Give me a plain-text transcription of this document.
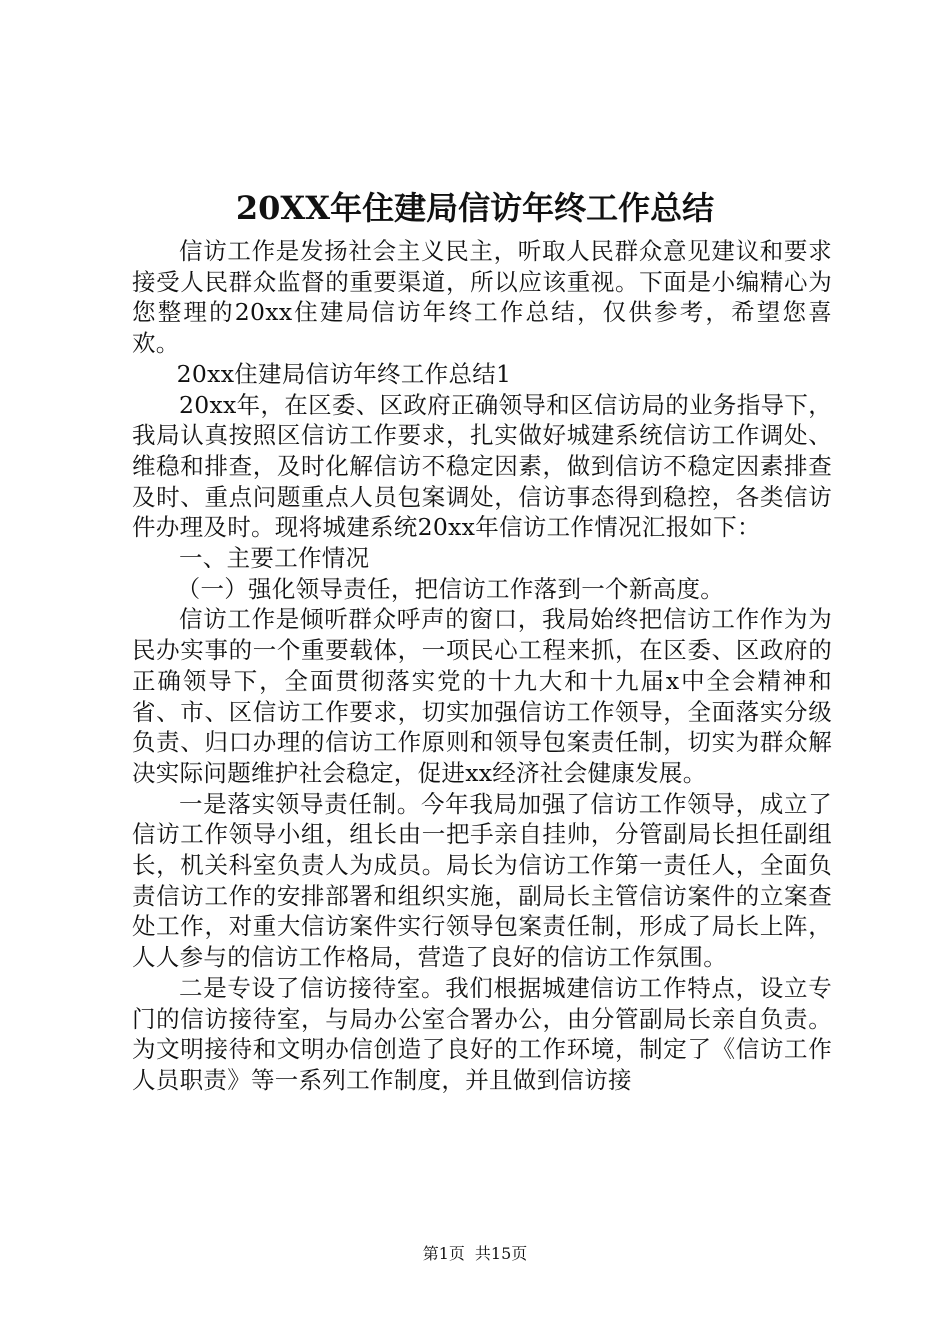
20XX年住建局信访年终工作总结

信访工作是发扬社会主义民主，听取人民群众意见建议和要求接受人民群众监督的重要渠道，所以应该重视。下面是小编精心为您整理的20xx住建局信访年终工作总结，仅供参考，希望您喜欢。

20xx住建局信访年终工作总结1

20xx年，在区委、区政府正确领导和区信访局的业务指导下，我局认真按照区信访工作要求，扎实做好城建系统信访工作调处、维稳和排查，及时化解信访不稳定因素，做到信访不稳定因素排查及时、重点问题重点人员包案调处，信访事态得到稳控，各类信访件办理及时。现将城建系统20xx年信访工作情况汇报如下：

一、主要工作情况

（一）强化领导责任，把信访工作落到一个新高度。

信访工作是倾听群众呼声的窗口，我局始终把信访工作作为为民办实事的一个重要载体，一项民心工程来抓，在区委、区政府的正确领导下，全面贯彻落实党的十九大和十九届x中全会精神和省、市、区信访工作要求，切实加强信访工作领导，全面落实分级负责、归口办理的信访工作原则和领导包案责任制，切实为群众解决实际问题维护社会稳定，促进xx经济社会健康发展。

一是落实领导责任制。今年我局加强了信访工作领导，成立了信访工作领导小组，组长由一把手亲自挂帅，分管副局长担任副组长，机关科室负责人为成员。局长为信访工作第一责任人，全面负责信访工作的安排部署和组织实施，副局长主管信访案件的立案查处工作，对重大信访案件实行领导包案责任制，形成了局长上阵，人人参与的信访工作格局，营造了良好的信访工作氛围。

二是专设了信访接待室。我们根据城建信访工作特点，设立专门的信访接待室，与局办公室合署办公，由分管副局长亲自负责。为文明接待和文明办信创造了良好的工作环境，制定了《信访工作人员职责》等一系列工作制度，并且做到信访接

第1页 共15页
